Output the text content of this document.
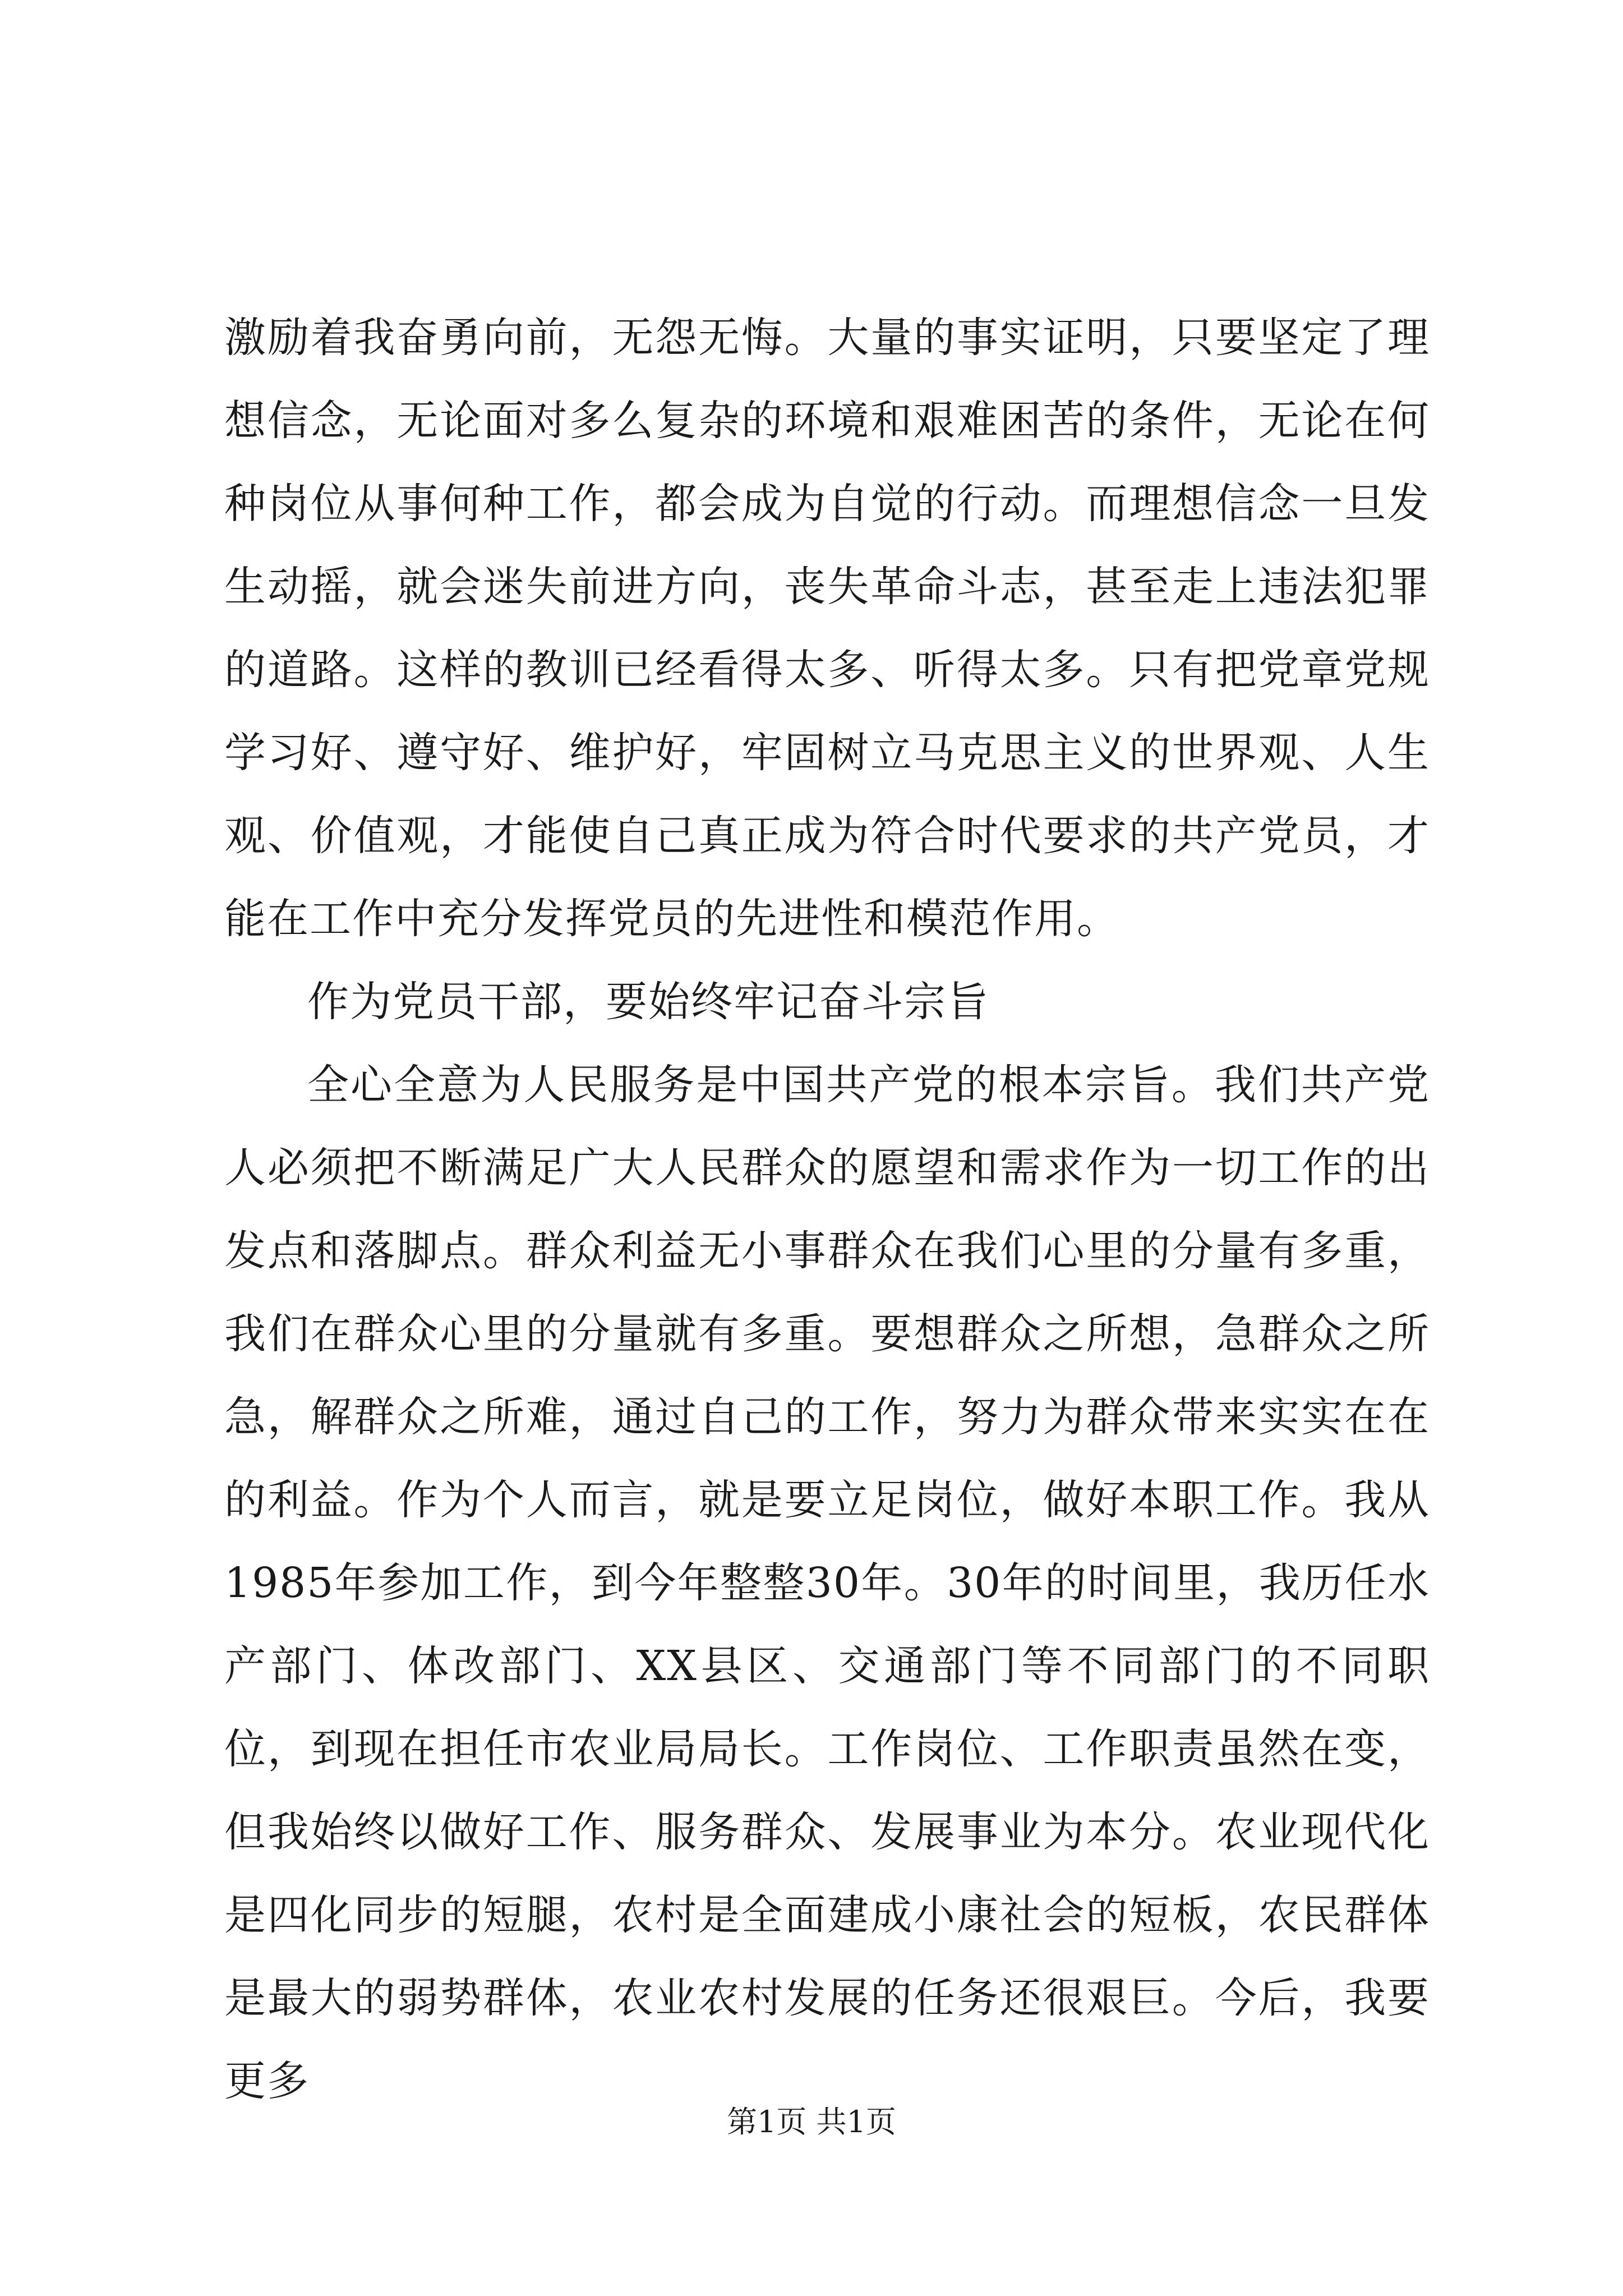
激励着我奋勇向前，无怨无悔。大量的事实证明，只要坚定了理想信念，无论面对多么复杂的环境和艰难困苦的条件，无论在何种岗位从事何种工作，都会成为自觉的行动。而理想信念一旦发生动摇，就会迷失前进方向，丧失革命斗志，甚至走上违法犯罪的道路。这样的教训已经看得太多、听得太多。只有把党章党规学习好、遵守好、维护好，牢固树立马克思主义的世界观、人生观、价值观，才能使自己真正成为符合时代要求的共产党员，才能在工作中充分发挥党员的先进性和模范作用。

作为党员干部，要始终牢记奋斗宗旨

全心全意为人民服务是中国共产党的根本宗旨。我们共产党人必须把不断满足广大人民群众的愿望和需求作为一切工作的出发点和落脚点。群众利益无小事群众在我们心里的分量有多重，我们在群众心里的分量就有多重。要想群众之所想，急群众之所急，解群众之所难，通过自己的工作，努力为群众带来实实在在的利益。作为个人而言，就是要立足岗位，做好本职工作。我从1985年参加工作，到今年整整30年。30年的时间里，我历任水产部门、体改部门、XX县区、交通部门等不同部门的不同职位，到现在担任市农业局局长。工作岗位、工作职责虽然在变，但我始终以做好工作、服务群众、发展事业为本分。农业现代化是四化同步的短腿，农村是全面建成小康社会的短板，农民群体是最大的弱势群体，农业农村发展的任务还很艰巨。今后，我要更多

第1页 共1页
